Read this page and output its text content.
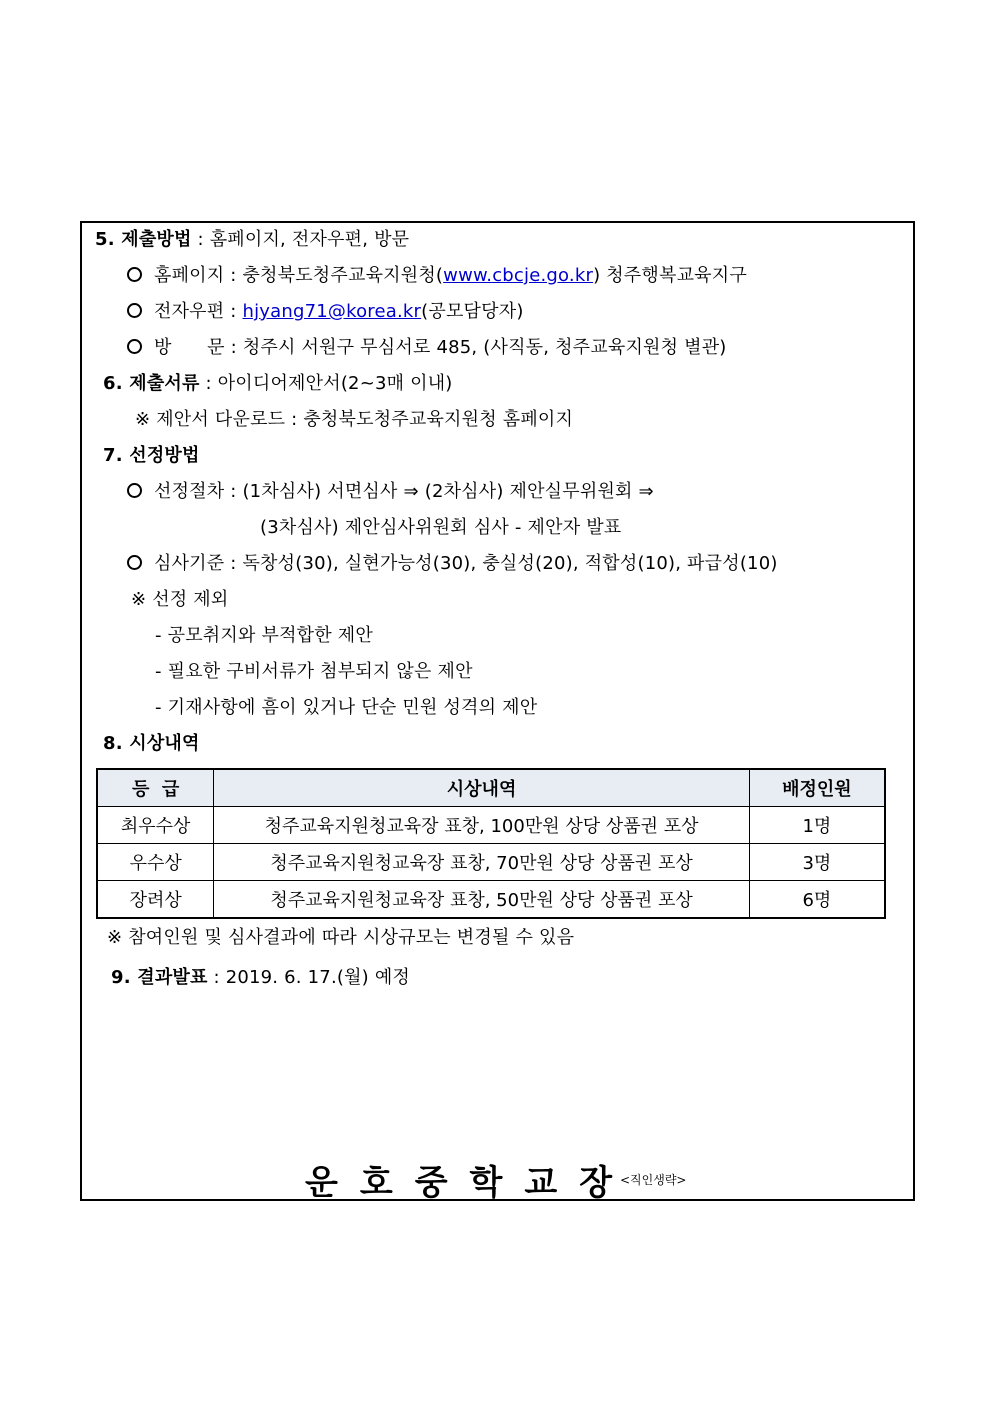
5. 제출방법 : 홈페이지, 전자우편, 방문
홈페이지 : 충청북도청주교육지원청(www.cbcje.go.kr) 청주행복교육지구
전자우편 : hjyang71@korea.kr(공모담당자)
방      문 : 청주시 서원구 무심서로 485, (사직동, 청주교육지원청 별관)
6. 제출서류 : 아이디어제안서(2~3매 이내)
※ 제안서 다운로드 : 충청북도청주교육지원청 홈페이지
7. 선정방법
선정절차 : (1차심사) 서면심사 ⇒ (2차심사) 제안실무위원회 ⇒
(3차심사) 제안심사위원회 심사 - 제안자 발표
심사기준 : 독창성(30), 실현가능성(30), 충실성(20), 적합성(10), 파급성(10)
※ 선정 제외
- 공모취지와 부적합한 제안
- 필요한 구비서류가 첨부되지 않은 제안
- 기재사항에 흠이 있거나 단순 민원 성격의 제안
8. 시상내역
등  급	시상내역	배정인원
최우수상	청주교육지원청교육장 표창, 100만원 상당 상품권 포상	1명
우수상	청주교육지원청교육장 표창, 70만원 상당 상품권 포상	3명
장려상	청주교육지원청교육장 표창, 50만원 상당 상품권 포상	6명
※ 참여인원 및 심사결과에 따라 시상규모는 변경될 수 있음
9. 결과발표 : 2019. 6. 17.(월) 예정
운호중학교장
<직인생략>
